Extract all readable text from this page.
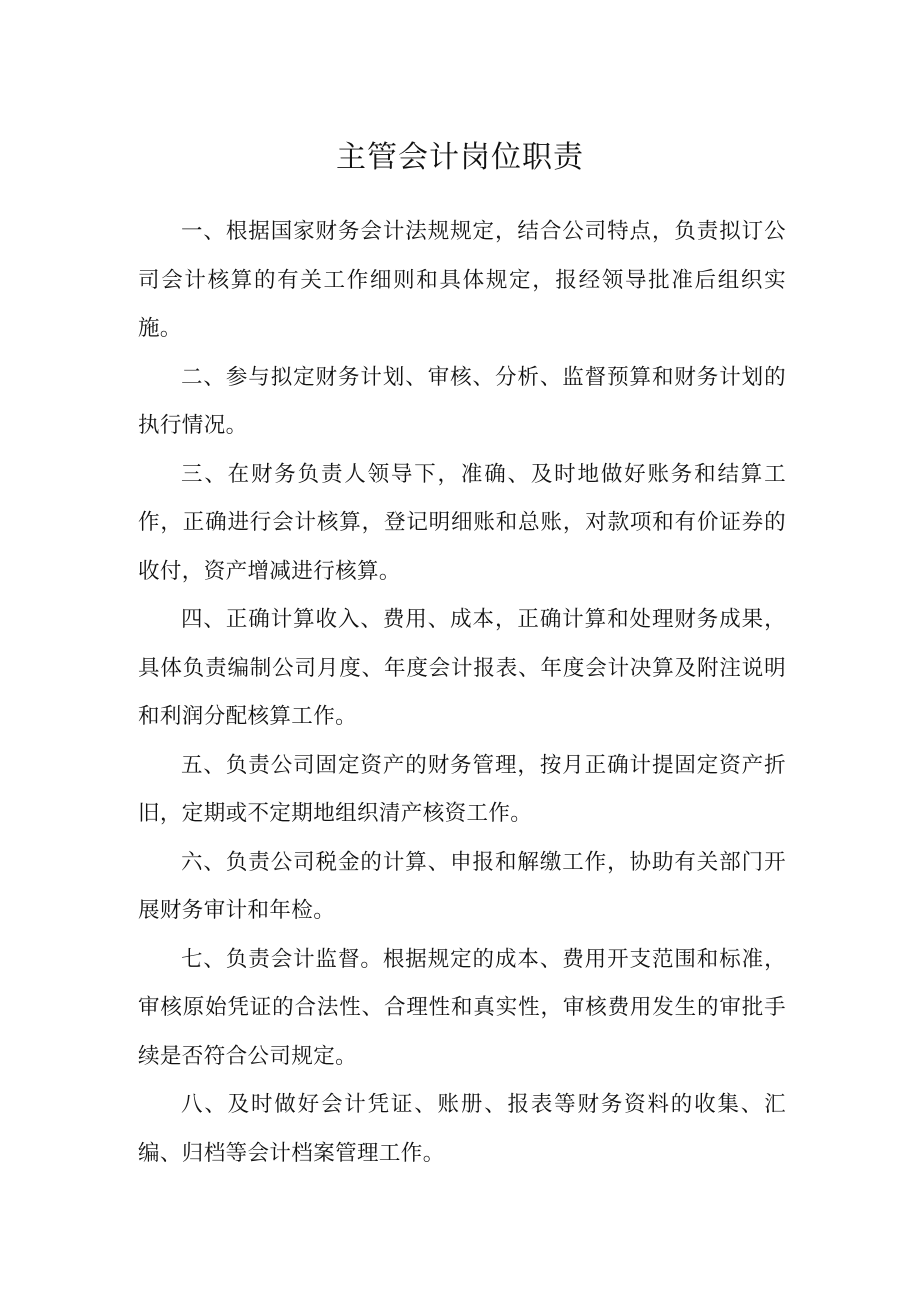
主管会计岗位职责

一、根据国家财务会计法规规定，结合公司特点，负责拟订公司会计核算的有关工作细则和具体规定，报经领导批准后组织实施。

二、参与拟定财务计划、审核、分析、监督预算和财务计划的执行情况。

三、在财务负责人领导下，准确、及时地做好账务和结算工作，正确进行会计核算，登记明细账和总账，对款项和有价证券的收付，资产增减进行核算。

四、正确计算收入、费用、成本，正确计算和处理财务成果，具体负责编制公司月度、年度会计报表、年度会计决算及附注说明和利润分配核算工作。

五、负责公司固定资产的财务管理，按月正确计提固定资产折旧，定期或不定期地组织清产核资工作。

六、负责公司税金的计算、申报和解缴工作，协助有关部门开展财务审计和年检。

七、负责会计监督。根据规定的成本、费用开支范围和标准，审核原始凭证的合法性、合理性和真实性，审核费用发生的审批手续是否符合公司规定。

八、及时做好会计凭证、账册、报表等财务资料的收集、汇编、归档等会计档案管理工作。
